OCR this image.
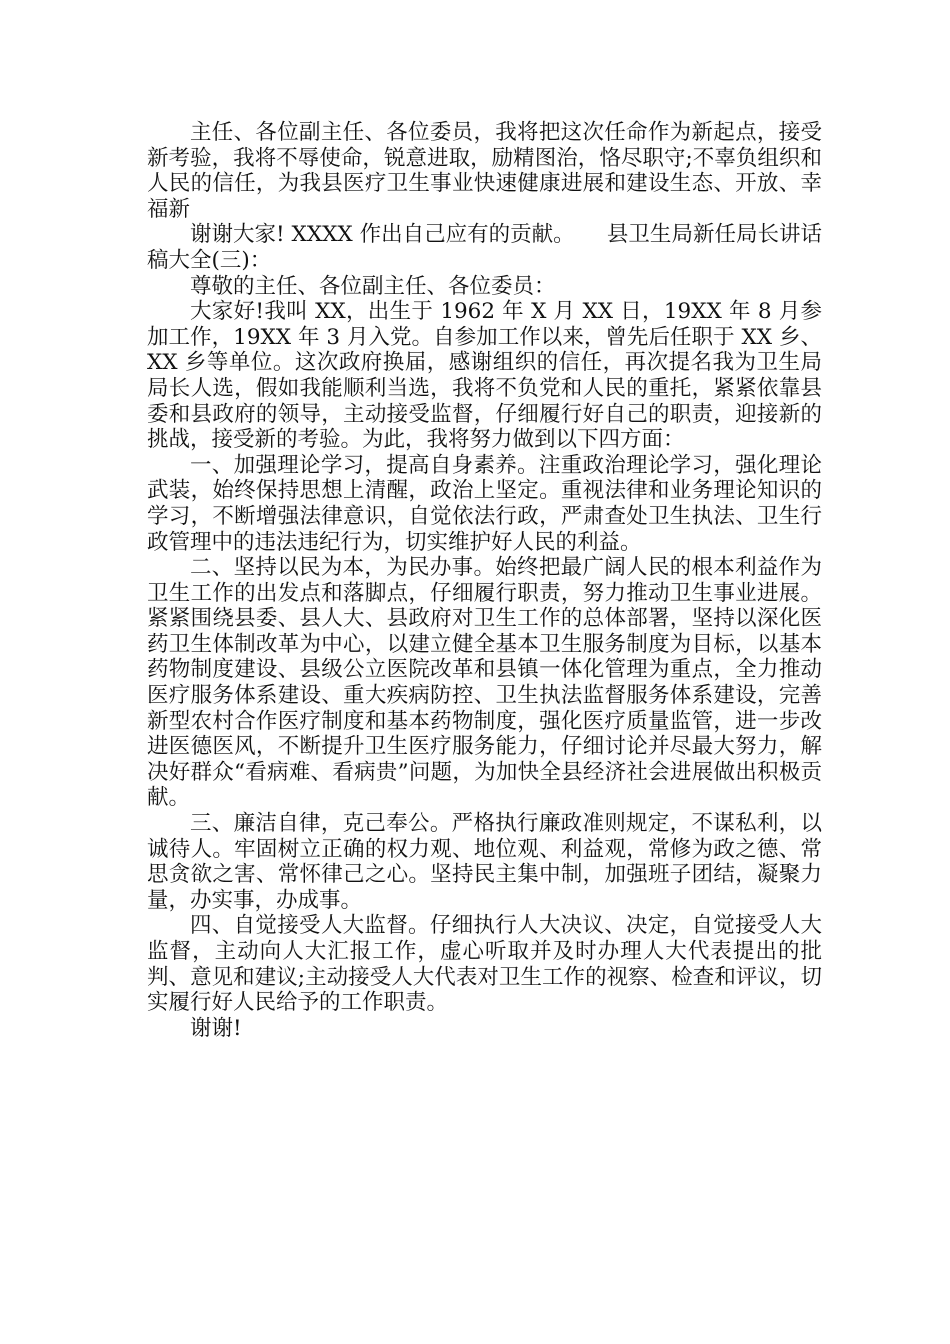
主任、各位副主任、各位委员，我将把这次任命作为新起点，接受新考验，我将不辱使命，锐意进取，励精图治，恪尽职守;不辜负组织和人民的信任，为我县医疗卫生事业快速健康进展和建设生态、开放、幸福新

谢谢大家! XXXX 作出自己应有的贡献。　　县卫生局新任局长讲话稿大全(三)：

尊敬的主任、各位副主任、各位委员：

大家好!我叫 XX，出生于 1962 年 X 月 XX 日，19XX 年 8 月参加工作，19XX 年 3 月入党。自参加工作以来，曾先后任职于 XX 乡、XX 乡等单位。这次政府换届，感谢组织的信任，再次提名我为卫生局局长人选，假如我能顺利当选，我将不负党和人民的重托，紧紧依靠县委和县政府的领导，主动接受监督，仔细履行好自己的职责，迎接新的挑战，接受新的考验。为此，我将努力做到以下四方面：

一、加强理论学习，提高自身素养。注重政治理论学习，强化理论武装，始终保持思想上清醒，政治上坚定。重视法律和业务理论知识的学习，不断增强法律意识，自觉依法行政，严肃查处卫生执法、卫生行政管理中的违法违纪行为，切实维护好人民的利益。

二、坚持以民为本，为民办事。始终把最广阔人民的根本利益作为卫生工作的出发点和落脚点，仔细履行职责，努力推动卫生事业进展。紧紧围绕县委、县人大、县政府对卫生工作的总体部署，坚持以深化医药卫生体制改革为中心，以建立健全基本卫生服务制度为目标，以基本药物制度建设、县级公立医院改革和县镇一体化管理为重点，全力推动医疗服务体系建设、重大疾病防控、卫生执法监督服务体系建设，完善新型农村合作医疗制度和基本药物制度，强化医疗质量监管，进一步改进医德医风，不断提升卫生医疗服务能力，仔细讨论并尽最大努力，解决好群众“看病难、看病贵”问题，为加快全县经济社会进展做出积极贡献。

三、廉洁自律，克己奉公。严格执行廉政准则规定，不谋私利，以诚待人。牢固树立正确的权力观、地位观、利益观，常修为政之德、常思贪欲之害、常怀律己之心。坚持民主集中制，加强班子团结，凝聚力量，办实事，办成事。

四、自觉接受人大监督。仔细执行人大决议、决定，自觉接受人大监督，主动向人大汇报工作，虚心听取并及时办理人大代表提出的批判、意见和建议;主动接受人大代表对卫生工作的视察、检查和评议，切实履行好人民给予的工作职责。

谢谢!
